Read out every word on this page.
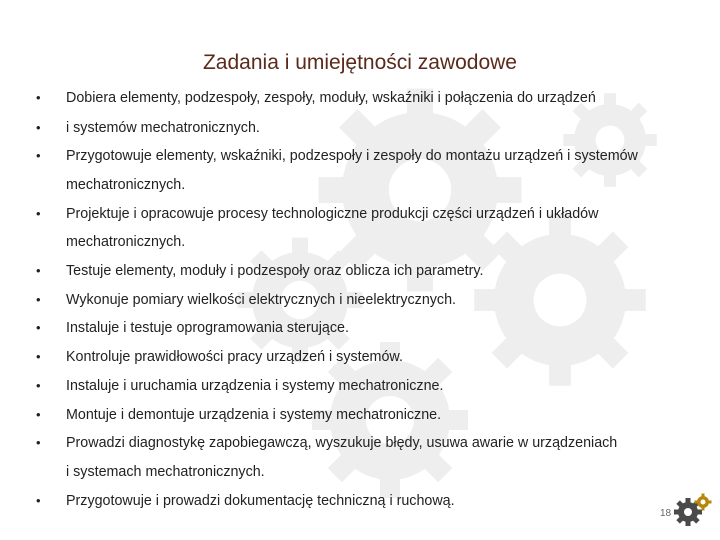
Zadania i umiejętności zawodowe
• Dobiera elementy, podzespoły, zespoły, moduły, wskaźniki i połączenia do urządzeń
• i systemów mechatronicznych.
• Przygotowuje elementy, wskaźniki, podzespoły i zespoły do montażu urządzeń i systemów
mechatronicznych.
• Projektuje i opracowuje procesy technologiczne produkcji części urządzeń i układów
mechatronicznych.
• Testuje elementy, moduły i podzespoły oraz oblicza ich parametry.
• Wykonuje pomiary wielkości elektrycznych i nieelektrycznych.
• Instaluje i testuje oprogramowania sterujące.
• Kontroluje prawidłowości pracy urządzeń i systemów.
• Instaluje i uruchamia urządzenia i systemy mechatroniczne.
• Montuje i demontuje urządzenia i systemy mechatroniczne.
• Prowadzi diagnostykę zapobiegawczą, wyszukuje błędy, usuwa awarie w urządzeniach
i systemach mechatronicznych.
• Przygotowuje i prowadzi dokumentację techniczną i ruchową.
18
